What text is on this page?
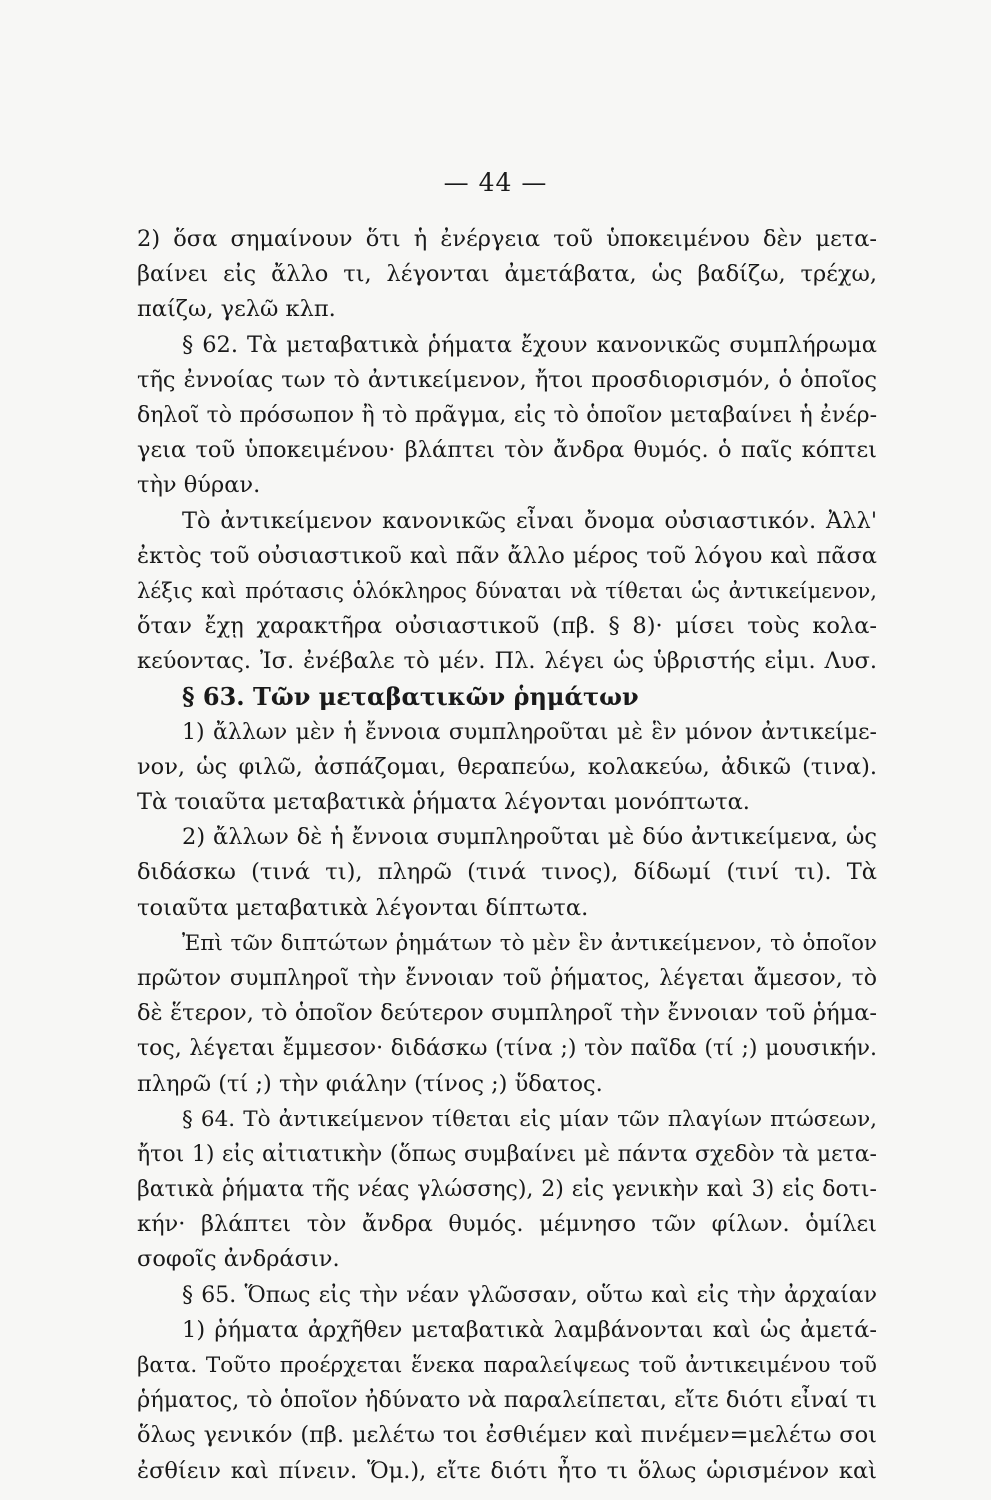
— 44 —
2) ὅσα σημαίνουν ὅτι ἡ ἐνέργεια τοῦ ὑποκειμένου δὲν μετα-
βαίνει εἰς ἄλλο τι, λέγονται ἀμετάβατα, ὡς βαδίζω, τρέχω,
παίζω, γελῶ κλπ.
§ 62. Τὰ μεταβατικὰ ῥήματα ἔχουν κανονικῶς συμπλήρωμα
τῆς ἐννοίας των τὸ ἀντικείμενον, ἤτοι προσδιορισμόν, ὁ ὁποῖος
δηλοῖ τὸ πρόσωπον ἢ τὸ πρᾶγμα, εἰς τὸ ὁποῖον μεταβαίνει ἡ ἐνέρ-
γεια τοῦ ὑποκειμένου· βλάπτει τὸν ἄνδρα θυμός. ὁ παῖς κόπτει
τὴν θύραν.
Τὸ ἀντικείμενον κανονικῶς εἶναι ὄνομα οὐσιαστικόν. Ἀλλ'
ἐκτὸς τοῦ οὐσιαστικοῦ καὶ πᾶν ἄλλο μέρος τοῦ λόγου καὶ πᾶσα
λέξις καὶ πρότασις ὁλόκληρος δύναται νὰ τίθεται ὡς ἀντικείμενον,
ὅταν ἔχῃ χαρακτῆρα οὐσιαστικοῦ (πβ. § 8)· μίσει τοὺς κολα-
κεύοντας. Ἰσ. ἐνέβαλε τὸ μέν. Πλ. λέγει ὡς ὑβριστής εἰμι. Λυσ.
§ 63. Τῶν μεταβατικῶν ῥημάτων
1) ἄλλων μὲν ἡ ἔννοια συμπληροῦται μὲ ἓν μόνον ἀντικείμε-
νον, ὡς φιλῶ, ἀσπάζομαι, θεραπεύω, κολακεύω, ἀδικῶ (τινα).
Τὰ τοιαῦτα μεταβατικὰ ῥήματα λέγονται μονόπτωτα.
2) ἄλλων δὲ ἡ ἔννοια συμπληροῦται μὲ δύο ἀντικείμενα, ὡς
διδάσκω (τινά τι), πληρῶ (τινά τινος), δίδωμί (τινί τι). Τὰ
τοιαῦτα μεταβατικὰ λέγονται δίπτωτα.
Ἐπὶ τῶν διπτώτων ῥημάτων τὸ μὲν ἓν ἀντικείμενον, τὸ ὁποῖον
πρῶτον συμπληροῖ τὴν ἔννοιαν τοῦ ῥήματος, λέγεται ἄμεσον, τὸ
δὲ ἕτερον, τὸ ὁποῖον δεύτερον συμπληροῖ τὴν ἔννοιαν τοῦ ῥήμα-
τος, λέγεται ἔμμεσον· διδάσκω (τίνα ;) τὸν παῖδα (τί ;) μουσικήν.
πληρῶ (τί ;) τὴν φιάλην (τίνος ;) ὕδατος.
§ 64. Τὸ ἀντικείμενον τίθεται εἰς μίαν τῶν πλαγίων πτώσεων,
ἤτοι 1) εἰς αἰτιατικὴν (ὅπως συμβαίνει μὲ πάντα σχεδὸν τὰ μετα-
βατικὰ ῥήματα τῆς νέας γλώσσης), 2) εἰς γενικὴν καὶ 3) εἰς δοτι-
κήν· βλάπτει τὸν ἄνδρα θυμός. μέμνησο τῶν φίλων. ὁμίλει
σοφοῖς ἀνδράσιν.
§ 65. Ὅπως εἰς τὴν νέαν γλῶσσαν, οὕτω καὶ εἰς τὴν ἀρχαίαν
1) ῥήματα ἀρχῆθεν μεταβατικὰ λαμβάνονται καὶ ὡς ἀμετά-
βατα. Τοῦτο προέρχεται ἕνεκα παραλείψεως τοῦ ἀντικειμένου τοῦ
ῥήματος, τὸ ὁποῖον ἠδύνατο νὰ παραλείπεται, εἴτε διότι εἶναί τι
ὅλως γενικόν (πβ. μελέτω τοι ἐσθιέμεν καὶ πινέμεν=μελέτω σοι
ἐσθίειν καὶ πίνειν. Ὅμ.), εἴτε διότι ἦτο τι ὅλως ὡρισμένον καὶ
